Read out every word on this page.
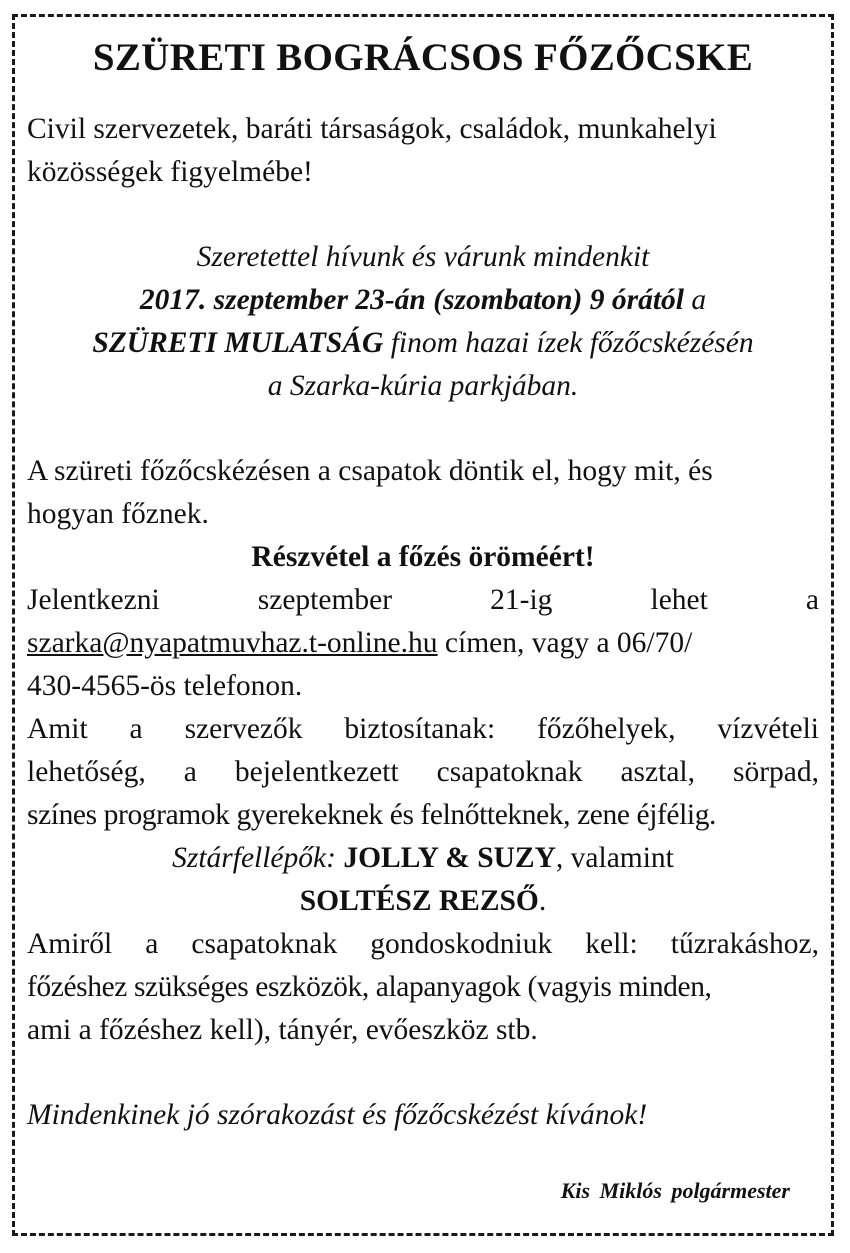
SZÜRETI BOGRÁCSOS FŐZŐCSKE

Civil szervezetek, baráti társaságok, családok, munkahelyi

közösségek figyelmébe!

Szeretettel hívunk és várunk mindenkit

2017. szeptember 23-án (szombaton) 9 órától a

SZÜRETI MULATSÁG finom hazai ízek főzőcskézésén

a Szarka-kúria parkjában.

A szüreti főzőcskézésen a csapatok döntik el, hogy mit, és

hogyan főznek.

Részvétel a főzés öröméért!

Jelentkezni szeptember 21-ig lehet a

szarka@nyapatmuvhaz.t-online.hu címen, vagy a 06/70/

430-4565-ös telefonon.

Amit a szervezők biztosítanak: főzőhelyek, vízvételi

lehetőség, a bejelentkezett csapatoknak asztal, sörpad,

színes programok gyerekeknek és felnőtteknek, zene éjfélig.

Sztárfellépők: JOLLY & SUZY, valamint

SOLTÉSZ REZSŐ.

Amiről a csapatoknak gondoskodniuk kell: tűzrakáshoz,

főzéshez szükséges eszközök, alapanyagok (vagyis minden,

ami a főzéshez kell), tányér, evőeszköz stb.

Mindenkinek jó szórakozást és főzőcskézést kívánok!

Kis Miklós polgármester
